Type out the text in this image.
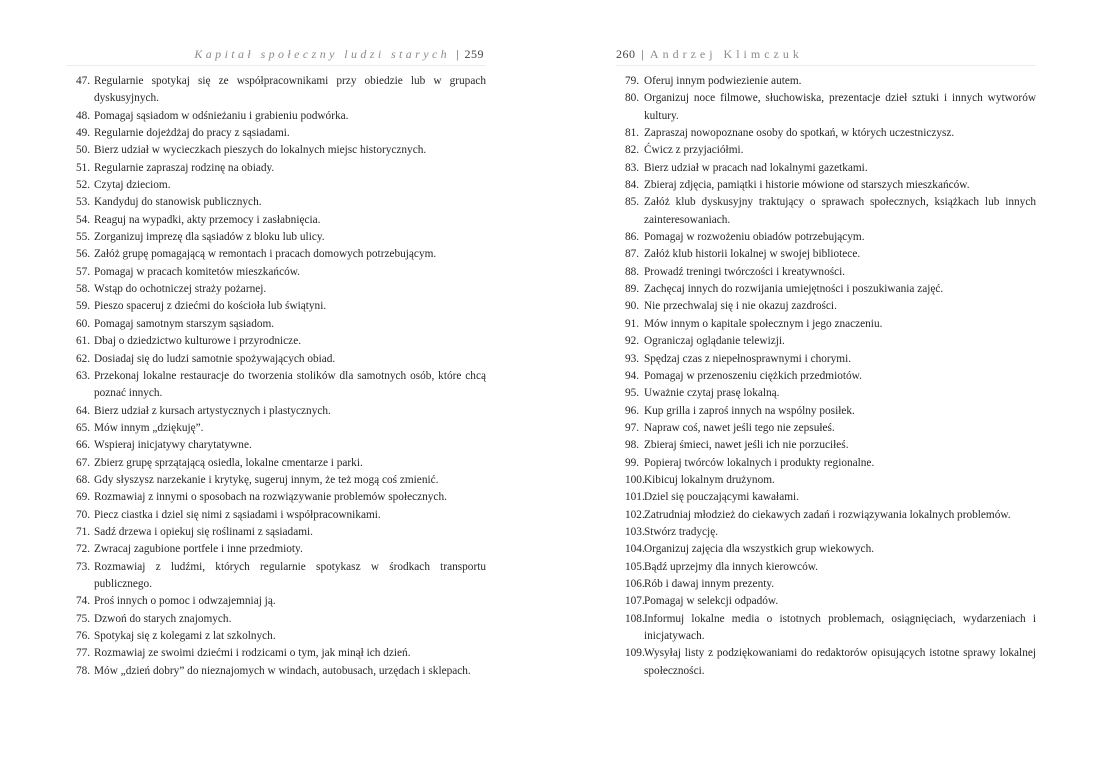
Kapitał społeczny ludzi starych | 259
47. Regularnie spotykaj się ze współpracownikami przy obiedzie lub w grupach dyskusyjnych.
48. Pomagaj sąsiadom w odśnieżaniu i grabieniu podwórka.
49. Regularnie dojeżdżaj do pracy z sąsiadami.
50. Bierz udział w wycieczkach pieszych do lokalnych miejsc historycznych.
51. Regularnie zapraszaj rodzinę na obiady.
52. Czytaj dzieciom.
53. Kandyduj do stanowisk publicznych.
54. Reaguj na wypadki, akty przemocy i zasłabnięcia.
55. Zorganizuj imprezę dla sąsiadów z bloku lub ulicy.
56. Załóż grupę pomagającą w remontach i pracach domowych potrzebującym.
57. Pomagaj w pracach komitetów mieszkańców.
58. Wstąp do ochotniczej straży pożarnej.
59. Pieszo spaceruj z dziećmi do kościoła lub świątyni.
60. Pomagaj samotnym starszym sąsiadom.
61. Dbaj o dziedzictwo kulturowe i przyrodnicze.
62. Dosiadaj się do ludzi samotnie spożywających obiad.
63. Przekonaj lokalne restauracje do tworzenia stolików dla samotnych osób, które chcą poznać innych.
64. Bierz udział z kursach artystycznych i plastycznych.
65. Mów innym „dziękuję”.
66. Wspieraj inicjatywy charytatywne.
67. Zbierz grupę sprzątającą osiedla, lokalne cmentarze i parki.
68. Gdy słyszysz narzekanie i krytykę, sugeruj innym, że też mogą coś zmienić.
69. Rozmawiaj z innymi o sposobach na rozwiązywanie problemów społecznych.
70. Piecz ciastka i dziel się nimi z sąsiadami i współpracownikami.
71. Sadź drzewa i opiekuj się roślinami z sąsiadami.
72. Zwracaj zagubione portfele i inne przedmioty.
73. Rozmawiaj z ludźmi, których regularnie spotykasz w środkach transportu publicznego.
74. Proś innych o pomoc i odwzajemniaj ją.
75. Dzwoń do starych znajomych.
76. Spotykaj się z kolegami z lat szkolnych.
77. Rozmawiaj ze swoimi dziećmi i rodzicami o tym, jak minął ich dzień.
78. Mów „dzień dobry” do nieznajomych w windach, autobusach, urzędach i sklepach.
260 | Andrzej Klimczuk
79. Oferuj innym podwiezienie autem.
80. Organizuj noce filmowe, słuchowiska, prezentacje dzieł sztuki i innych wytworów kultury.
81. Zapraszaj nowopoznane osoby do spotkań, w których uczestniczysz.
82. Ćwicz z przyjaciółmi.
83. Bierz udział w pracach nad lokalnymi gazetkami.
84. Zbieraj zdjęcia, pamiątki i historie mówione od starszych mieszkańców.
85. Załóż klub dyskusyjny traktujący o sprawach społecznych, książkach lub innych zainteresowaniach.
86. Pomagaj w rozwożeniu obiadów potrzebującym.
87. Załóż klub historii lokalnej w swojej bibliotece.
88. Prowadź treningi twórczości i kreatywności.
89. Zachęcaj innych do rozwijania umiejętności i poszukiwania zajęć.
90. Nie przechwalaj się i nie okazuj zazdrości.
91. Mów innym o kapitale społecznym i jego znaczeniu.
92. Ograniczaj oglądanie telewizji.
93. Spędzaj czas z niepełnosprawnymi i chorymi.
94. Pomagaj w przenoszeniu ciężkich przedmiotów.
95. Uważnie czytaj prasę lokalną.
96. Kup grilla i zaproś innych na wspólny posiłek.
97. Napraw coś, nawet jeśli tego nie zepsułeś.
98. Zbieraj śmieci, nawet jeśli ich nie porzuciłeś.
99. Popieraj twórców lokalnych i produkty regionalne.
100. Kibicuj lokalnym drużynom.
101. Dziel się pouczającymi kawałami.
102. Zatrudniaj młodzież do ciekawych zadań i rozwiązywania lokalnych problemów.
103. Stwórz tradycję.
104. Organizuj zajęcia dla wszystkich grup wiekowych.
105. Bądź uprzejmy dla innych kierowców.
106. Rób i dawaj innym prezenty.
107. Pomagaj w selekcji odpadów.
108. Informuj lokalne media o istotnych problemach, osiągnięciach, wydarzeniach i inicjatywach.
109. Wysyłaj listy z podziękowaniami do redaktorów opisujących istotne sprawy lokalnej społeczności.
